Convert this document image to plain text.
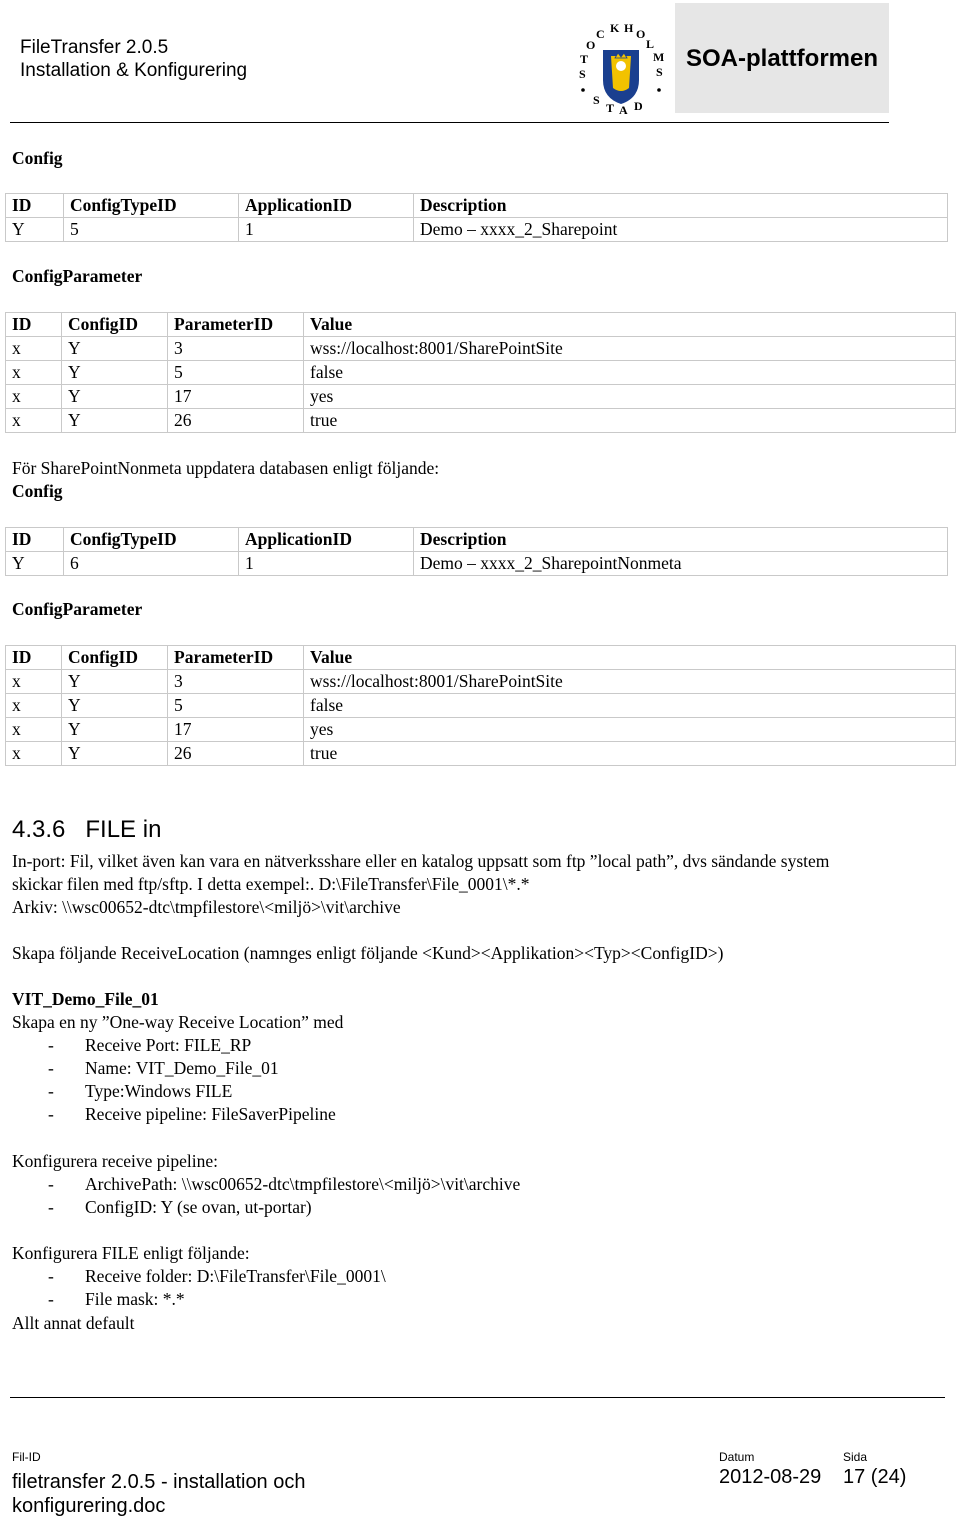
FileTransfer 2.0.5
Installation & Konfigurering	S
T
O
C K H O
L
M
S
S
T A D
SOA-plattformen
Config
ID	ConfigTypeID	ApplicationID	Description
Y	5	1	Demo – xxxx_2_Sharepoint
ConfigParameter
ID	ConfigID	ParameterID	Value
x	Y	3	wss://localhost:8001/SharePointSite
x	Y	5	false
x	Y	17	yes
x	Y	26	true
För SharePointNonmeta uppdatera databasen enligt följande:
Config
ID	ConfigTypeID	ApplicationID	Description
Y	6	1	Demo – xxxx_2_SharepointNonmeta
ConfigParameter
ID	ConfigID	ParameterID	Value
x	Y	3	wss://localhost:8001/SharePointSite
x	Y	5	false
x	Y	17	yes
x	Y	26	true
4.3.6   FILE in
In-port: Fil, vilket även kan vara en nätverksshare eller en katalog uppsatt som ftp ”local path”, dvs sändande system
skickar filen med ftp/sftp. I detta exempel:. D:\FileTransfer\File_0001\*.*
Arkiv: \\wsc00652-dtc\tmpfilestore\<miljö>\vit\archive
Skapa följande ReceiveLocation (namnges enligt följande <Kund><Applikation><Typ><ConfigID>)
VIT_Demo_File_01
Skapa en ny ”One-way Receive Location” med
- Receive Port: FILE_RP
- Name: VIT_Demo_File_01
- Type:Windows FILE
- Receive pipeline: FileSaverPipeline
Konfigurera receive pipeline:
- ArchivePath: \\wsc00652-dtc\tmpfilestore\<miljö>\vit\archive
- ConfigID: Y (se ovan, ut-portar)
Konfigurera FILE enligt följande:
- Receive folder: D:\FileTransfer\File_0001\
- File mask: *.*
Allt annat default
Fil-ID
filetransfer 2.0.5 - installation och
konfigurering.doc
Datum
2012-08-29
Sida
17 (24)
